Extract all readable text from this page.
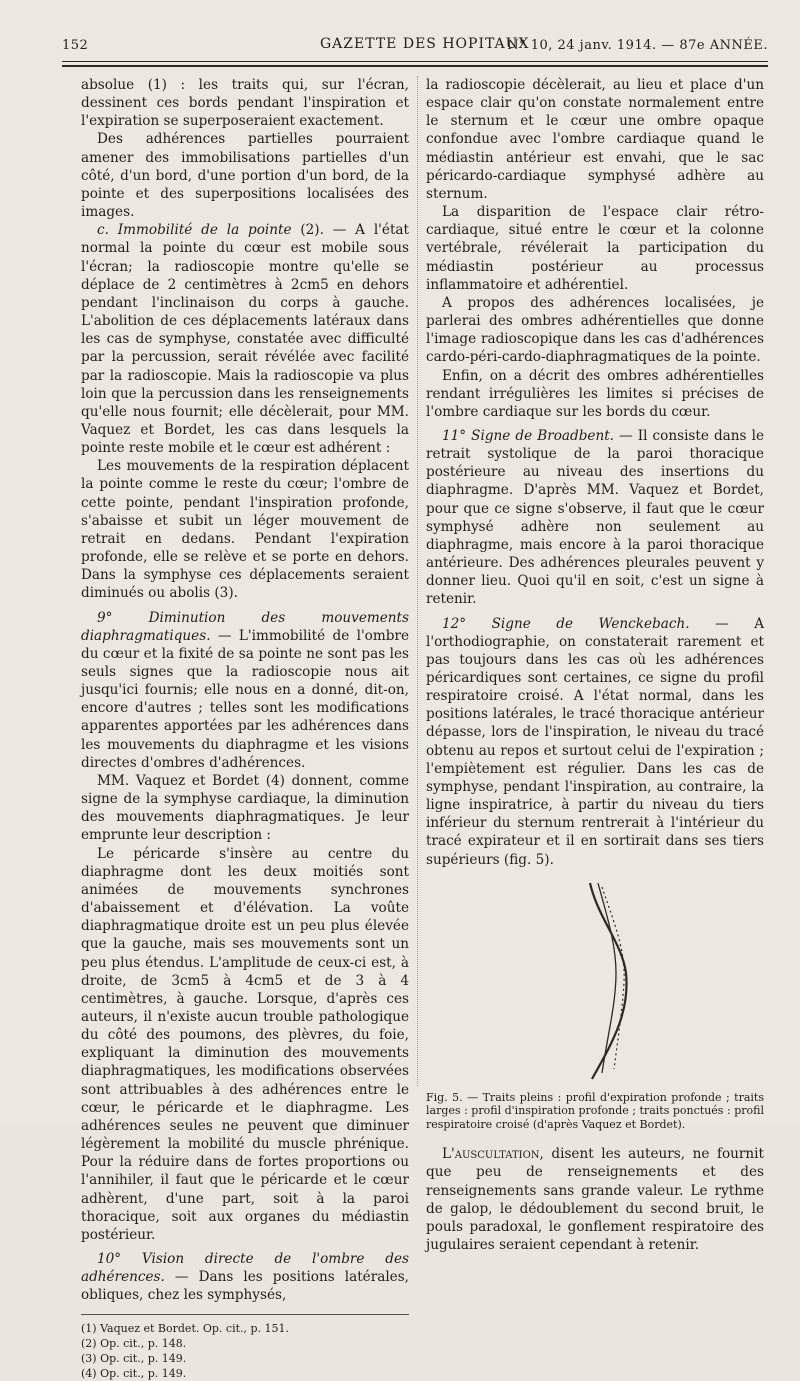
152	GAZETTE DES HOPITAUX
N° 10, 24 janv. 1914. — 87e ANNÉE.

absolue (1) : les traits qui, sur l'écran, dessinent ces bords pendant l'inspiration et l'expiration se superposeraient exactement.

Des adhérences partielles pourraient amener des immobilisations partielles d'un côté, d'un bord, d'une portion d'un bord, de la pointe et des superpositions localisées des images.

c. Immobilité de la pointe (2). — A l'état normal la pointe du cœur est mobile sous l'écran; la radioscopie montre qu'elle se déplace de 2 centimètres à 2cm5 en dehors pendant l'inclinaison du corps à gauche. L'abolition de ces déplacements latéraux dans les cas de symphyse, constatée avec difficulté par la percussion, serait révélée avec facilité par la radioscopie. Mais la radioscopie va plus loin que la percussion dans les renseignements qu'elle nous fournit; elle décèlerait, pour MM. Vaquez et Bordet, les cas dans lesquels la pointe reste mobile et le cœur est adhérent :

Les mouvements de la respiration déplacent la pointe comme le reste du cœur; l'ombre de cette pointe, pendant l'inspiration profonde, s'abaisse et subit un léger mouvement de retrait en dedans. Pendant l'expiration profonde, elle se relève et se porte en dehors. Dans la symphyse ces déplacements seraient diminués ou abolis (3).

9° Diminution des mouvements diaphragmatiques. — L'immobilité de l'ombre du cœur et la fixité de sa pointe ne sont pas les seuls signes que la radioscopie nous ait jusqu'ici fournis; elle nous en a donné, dit-on, encore d'autres ; telles sont les modifications apparentes apportées par les adhérences dans les mouvements du diaphragme et les visions directes d'ombres d'adhérences.

MM. Vaquez et Bordet (4) donnent, comme signe de la symphyse cardiaque, la diminution des mouvements diaphragmatiques. Je leur emprunte leur description :

Le péricarde s'insère au centre du diaphragme dont les deux moitiés sont animées de mouvements synchrones d'abaissement et d'élévation. La voûte diaphragmatique droite est un peu plus élevée que la gauche, mais ses mouvements sont un peu plus étendus. L'amplitude de ceux-ci est, à droite, de 3cm5 à 4cm5 et de 3 à 4 centimètres, à gauche. Lorsque, d'après ces auteurs, il n'existe aucun trouble pathologique du côté des poumons, des plèvres, du foie, expliquant la diminution des mouvements diaphragmatiques, les modifications observées sont attribuables à des adhérences entre le cœur, le péricarde et le diaphragme. Les adhérences seules ne peuvent que diminuer légèrement la mobilité du muscle phrénique. Pour la réduire dans de fortes proportions ou l'annihiler, il faut que le péricarde et le cœur adhèrent, d'une part, soit à la paroi thoracique, soit aux organes du médiastin postérieur.

10° Vision directe de l'ombre des adhérences. — Dans les positions latérales, obliques, chez les symphysés,

(1) Vaquez et Bordet. Op. cit., p. 151.

(2) Op. cit., p. 148.

(3) Op. cit., p. 149.

(4) Op. cit., p. 149.

la radioscopie décèlerait, au lieu et place d'un espace clair qu'on constate normalement entre le sternum et le cœur une ombre opaque confondue avec l'ombre cardiaque quand le médiastin antérieur est envahi, que le sac péricardo-cardiaque symphysé adhère au sternum.

La disparition de l'espace clair rétro-cardiaque, situé entre le cœur et la colonne vertébrale, révélerait la participation du médiastin postérieur au processus inflammatoire et adhérentiel.

A propos des adhérences localisées, je parlerai des ombres adhérentielles que donne l'image radioscopique dans les cas d'adhérences cardo-péri-cardo-diaphragmatiques de la pointe.

Enfin, on a décrit des ombres adhérentielles rendant irrégulières les limites si précises de l'ombre cardiaque sur les bords du cœur.

11° Signe de Broadbent. — Il consiste dans le retrait systolique de la paroi thoracique postérieure au niveau des insertions du diaphragme. D'après MM. Vaquez et Bordet, pour que ce signe s'observe, il faut que le cœur symphysé adhère non seulement au diaphragme, mais encore à la paroi thoracique antérieure. Des adhérences pleurales peuvent y donner lieu. Quoi qu'il en soit, c'est un signe à retenir.

12° Signe de Wenckebach. — A l'orthodiographie, on constaterait rarement et pas toujours dans les cas où les adhérences péricardiques sont certaines, ce signe du profil respiratoire croisé. A l'état normal, dans les positions latérales, le tracé thoracique antérieur dépasse, lors de l'inspiration, le niveau du tracé obtenu au repos et surtout celui de l'expiration ; l'empiètement est régulier. Dans les cas de symphyse, pendant l'inspiration, au contraire, la ligne inspiratrice, à partir du niveau du tiers inférieur du sternum rentrerait à l'intérieur du tracé expirateur et il en sortirait dans ses tiers supérieurs (fig. 5).

Fig. 5. — Traits pleins : profil d'expiration profonde ; traits larges : profil d'inspiration profonde ; traits ponctués : profil respiratoire croisé (d'après Vaquez et Bordet).

L'auscultation, disent les auteurs, ne fournit que peu de renseignements et des renseignements sans grande valeur. Le rythme de galop, le dédoublement du second bruit, le pouls paradoxal, le gonflement respiratoire des jugulaires seraient cependant à retenir.
